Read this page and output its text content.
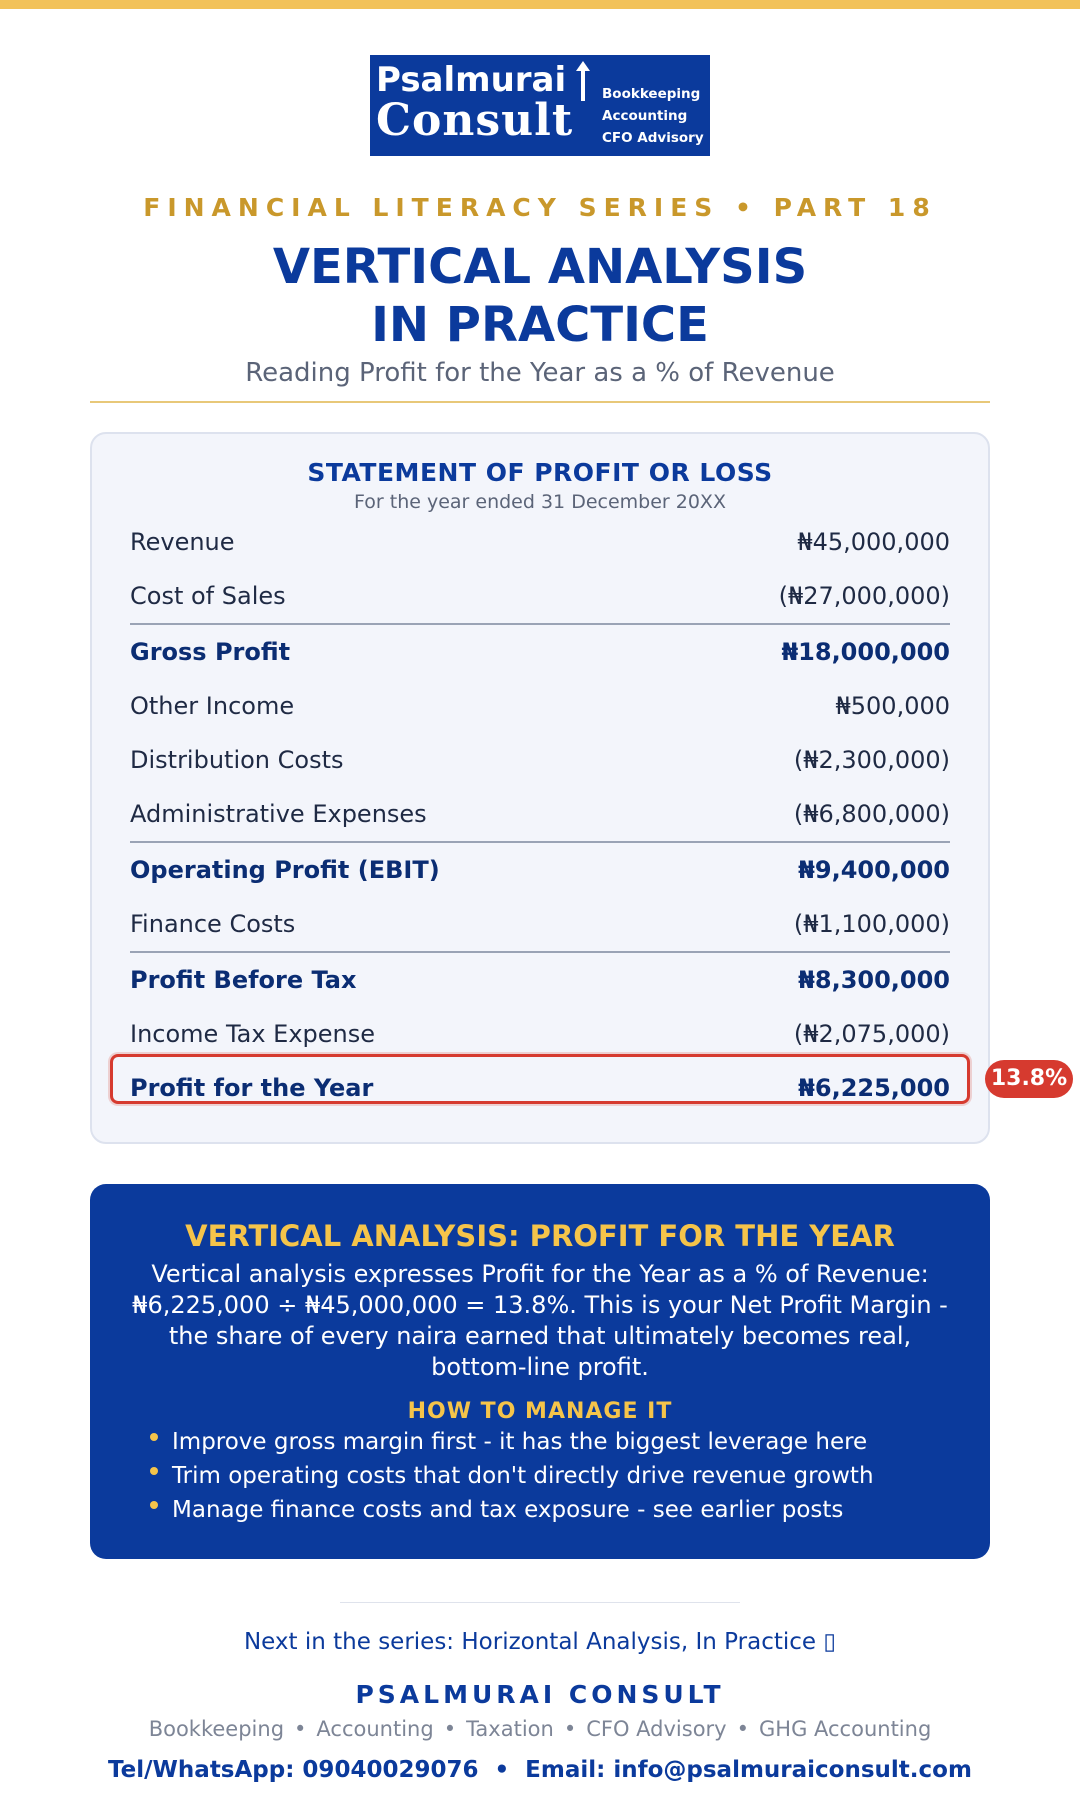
Psalmurai
Consult
Bookkeeping
Accounting
CFO Advisory
FINANCIAL LITERACY SERIES • PART 18
VERTICAL ANALYSIS
IN PRACTICE
Reading Profit for the Year as a % of Revenue
STATEMENT OF PROFIT OR LOSS
For the year ended 31 December 20XX
Revenue	₦45,000,000
Cost of Sales	(₦27,000,000)
Gross Profit	₦18,000,000
Other Income	₦500,000
Distribution Costs	(₦2,300,000)
Administrative Expenses	(₦6,800,000)
Operating Profit (EBIT)	₦9,400,000
Finance Costs	(₦1,100,000)
Profit Before Tax	₦8,300,000
Income Tax Expense	(₦2,075,000)
Profit for the Year	₦6,225,000 13.8%
VERTICAL ANALYSIS: PROFIT FOR THE YEAR
Vertical analysis expresses Profit for the Year as a % of Revenue: ₦6,225,000 ÷ ₦45,000,000 = 13.8%. This is your Net Profit Margin - the share of every naira earned that ultimately becomes real, bottom-line profit.
HOW TO MANAGE IT
Improve gross margin first - it has the biggest leverage here
Trim operating costs that don't directly drive revenue growth
Manage finance costs and tax exposure - see earlier posts
Next in the series: Horizontal Analysis, In Practice ▯
PSALMURAI CONSULT
Bookkeeping • Accounting • Taxation • CFO Advisory • GHG Accounting
Tel/WhatsApp: 09040029076 • Email: info@psalmuraiconsult.com
